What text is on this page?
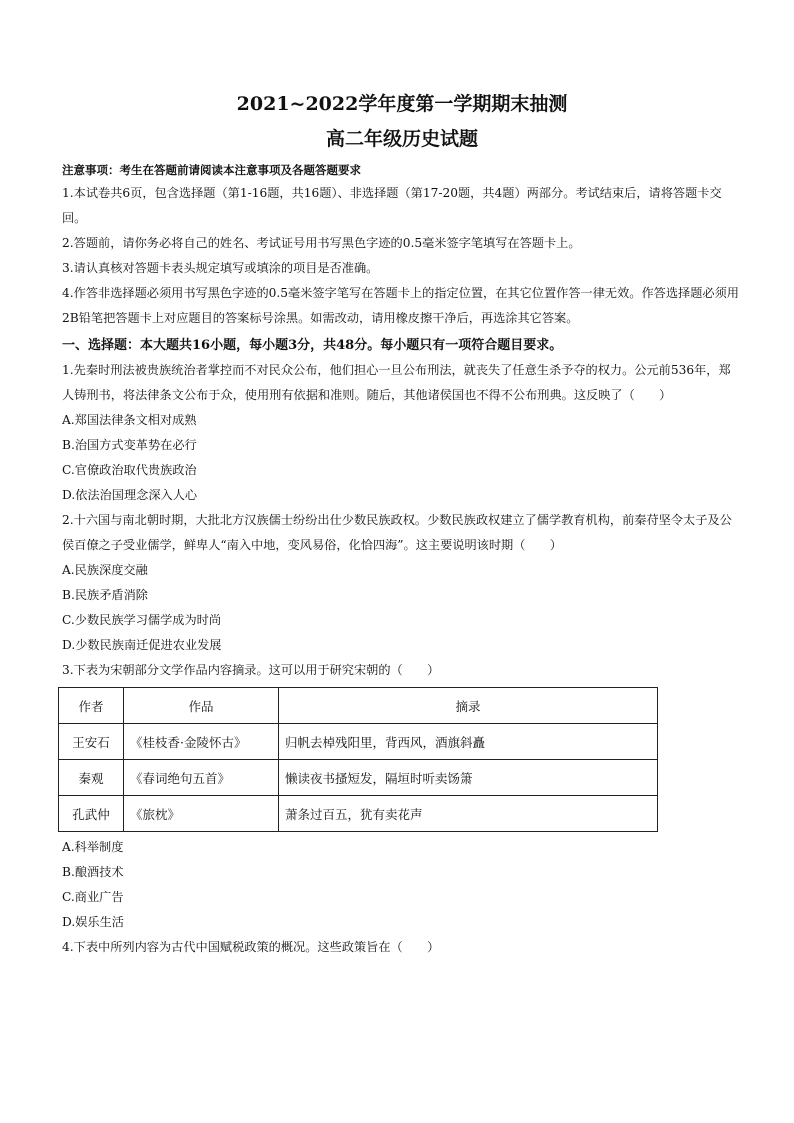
2021~2022学年度第一学期期末抽测
高二年级历史试题
注意事项：考生在答题前请阅读本注意事项及各题答题要求

1.本试卷共6页，包含选择题（第1-16题，共16题）、非选择题（第17-20题，共4题）两部分。考试结束后，请将答题卡交回。

2.答题前，请你务必将自己的姓名、考试证号用书写黑色字迹的0.5毫米签字笔填写在答题卡上。

3.请认真核对答题卡表头规定填写或填涂的项目是否准确。

4.作答非选择题必须用书写黑色字迹的0.5毫米签字笔写在答题卡上的指定位置，在其它位置作答一律无效。作答选择题必须用2B铅笔把答题卡上对应题目的答案标号涂黑。如需改动，请用橡皮擦干净后，再选涂其它答案。

一、选择题：本大题共16小题，每小题3分，共48分。每小题只有一项符合题目要求。

1.先秦时刑法被贵族统治者掌控而不对民众公布，他们担心一旦公布刑法，就丧失了任意生杀予夺的权力。公元前536年，郑人铸刑书，将法律条文公布于众，使用刑有依据和准则。随后，其他诸侯国也不得不公布刑典。这反映了（　　）

A.郑国法律条文相对成熟
B.治国方式变革势在必行
C.官僚政治取代贵族政治
D.依法治国理念深入人心

2.十六国与南北朝时期，大批北方汉族儒士纷纷出仕少数民族政权。少数民族政权建立了儒学教育机构，前秦苻坚令太子及公侯百僚之子受业儒学，鲜卑人“南入中地，变风易俗，化恰四海”。这主要说明该时期（　　）

A.民族深度交融
B.民族矛盾消除
C.少数民族学习儒学成为时尚
D.少数民族南迁促进农业发展

3.下表为宋朝部分文学作品内容摘录。这可以用于研究宋朝的（　　）

作者	作品	摘录
王安石	《桂枝香·金陵怀古》	归帆去棹残阳里，背西风，酒旗斜矗
秦观	《春词绝句五首》	懒读夜书搔短发，隔垣时听卖饧箫
孔武仲	《旅枕》	萧条过百五，犹有卖花声
A.科举制度
B.酿酒技术
C.商业广告
D.娱乐生活

4.下表中所列内容为古代中国赋税政策的概况。这些政策旨在（　　）
